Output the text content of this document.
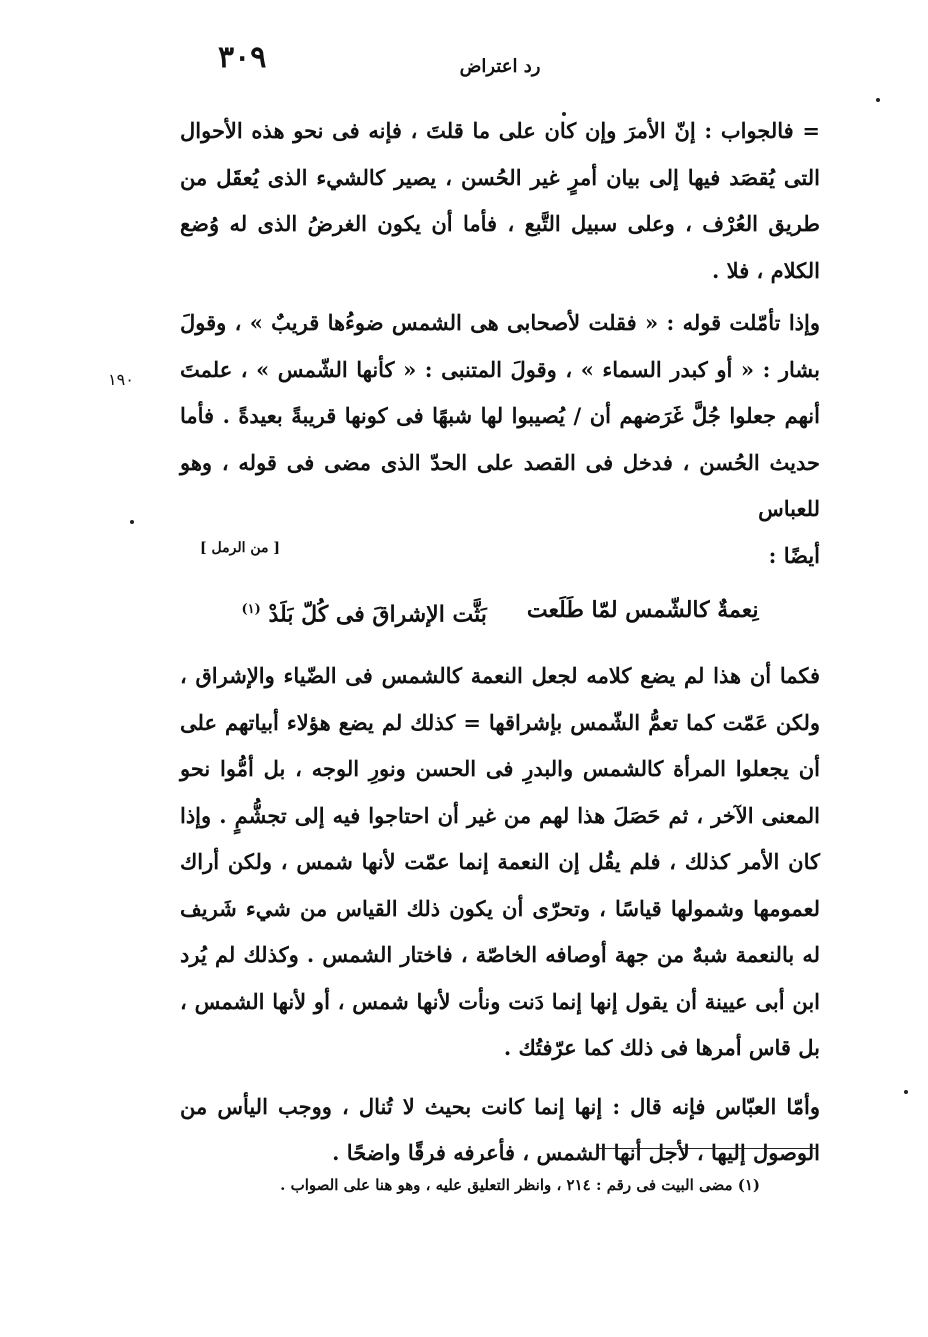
٣٠٩	رد اعتراض
١٩٠

= فالجواب : إنّ الأمرَ وإن كان على ما قلتَ ، فإنه فى نحو هذه الأحوال التى يُقصَد فيها إلى بيان أمرٍ غير الحُسن ، يصير كالشيء الذى يُعقَل من طريق العُرْف ، وعلى سبيل التَّبع ، فأما أن يكون الغرضُ الذى له وُضع الكلام ، فلا .

وإذا تأمّلت قوله : « فقلت لأصحابى هى الشمس ضوءُها قريبٌ » ، وقولَ بشار : « أو كبدر السماء » ، وقولَ المتنبى : « كأنها الشّمس » ، علمتَ أنهم جعلوا جُلَّ غَرَضهم أن / يُصيبوا لها شبهًا فى كونها قريبةً بعيدةً . فأما حديث الحُسن ، فدخل فى القصد على الحدّ الذى مضى فى قوله ، وهو للعباس

أيضًا :
[ من الرمل ]
نِعمةٌ كالشّمس لمّا طَلَعت
بَثَّت الإشراقَ فى كُلّ بَلَدْ $^{(١)}$

فكما أن هذا لم يضع كلامه لجعل النعمة كالشمس فى الضّياء والإشراق ، ولكن عَمّت كما تعمُّ الشّمس بإشراقها = كذلك لم يضع هؤلاء أبياتهم على أن يجعلوا المرأة كالشمس والبدرِ فى الحسن ونورِ الوجه ، بل أمُّوا نحو المعنى الآخر ، ثم حَصَلَ هذا لهم من غير أن احتاجوا فيه إلى تجشُّمٍ . وإذا كان الأمر كذلك ، فلم يقُل إن النعمة إنما عمّت لأنها شمس ، ولكن أراك لعمومها وشمولها قياسًا ، وتحرّى أن يكون ذلك القياس من شيء شَريف له بالنعمة شبهٌ من جهة أوصافه الخاصّة ، فاختار الشمس . وكذلك لم يُرد ابن أبى عيينة أن يقول إنها إنما دَنت ونأت لأنها شمس ، أو لأنها الشمس ، بل قاس أمرها فى ذلك كما عرّفتُك .

وأمّا العبّاس فإنه قال : إنها إنما كانت بحيث لا تُنال ، ووجب اليأس من الوصول إليها ، لأجل أنها الشمس ، فأعرفه فرقًا واضحًا .

(١) مضى البيت فى رقم : ٢١٤ ، وانظر التعليق عليه ، وهو هنا على الصواب .
